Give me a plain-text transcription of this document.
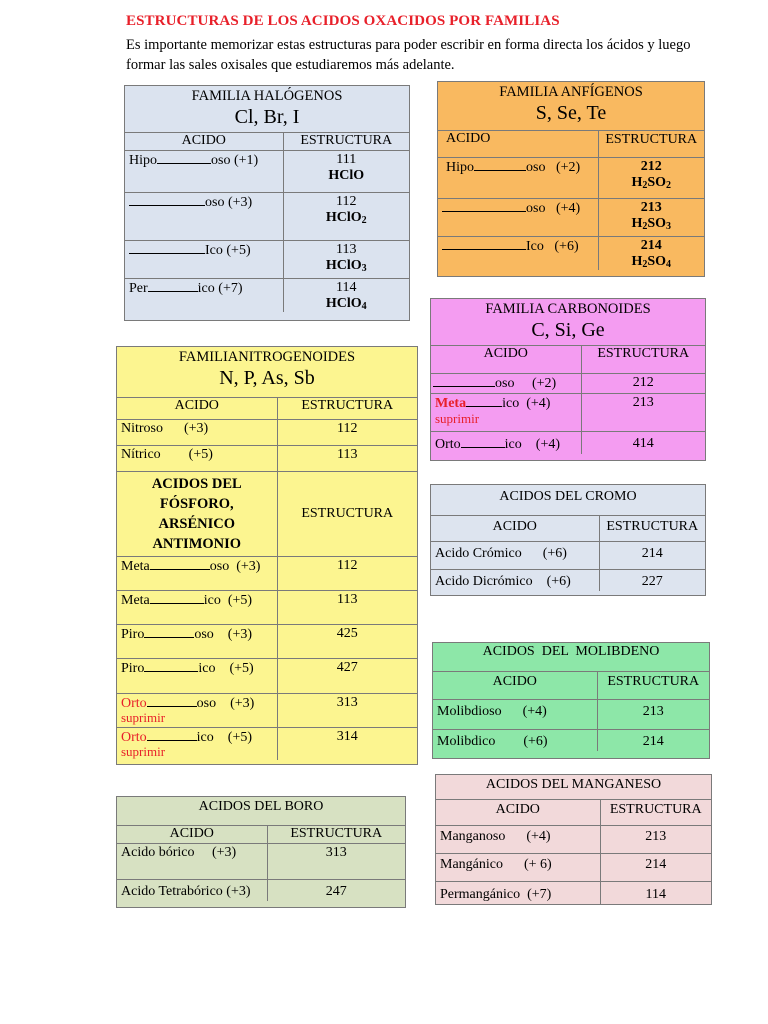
ESTRUCTURAS DE LOS ACIDOS OXACIDOS POR FAMILIAS
Es importante memorizar estas estructuras para poder escribir en forma directa los ácidos y luego formar las sales oxisales que estudiaremos más adelante.
FAMILIA HALÓGENOS
Cl, Br, I	

ACIDO	ESTRUCTURA
Hipo oso (+1)	111
HClO

oso (+3)	112
HClO$_2$

Ico (+5)	113
HClO$_3$

Per ico (+7)	114
HClO$_4$
FAMILIA ANFÍGENOS
S, Se, Te	

ACIDO	ESTRUCTURA
Hipo oso (+2)	212
$H_2SO_2$

oso (+4)	213
$H_2SO_3$

Ico (+6)	214
$H_2SO_4$
FAMILIA CARBONOIDES
C, Si, Ge	

ACIDO	ESTRUCTURA
oso (+2)	212
Meta ico (+4)
suprimir	213
Orto ico (+4)	414
FAMILIANITROGENOIDES
N, P, As, Sb	

ACIDO	ESTRUCTURA
Nitroso (+3)	112
Nítrico (+5)	113
ACIDOS DEL FÓSFORO, ARSÉNICO ANTIMONIO	ESTRUCTURA
Meta oso (+3)	112
Meta ico (+5)	113
Piro oso (+3)	425
Piro ico (+5)	427
Orto oso (+3)
suprimir	313
Orto ico (+5)
suprimir	314
ACIDOS DEL CROMO	
ACIDO	ESTRUCTURA
Acido Crómico (+6)	214
Acido Dicrómico (+6)	227
ACIDOS  DEL  MOLIBDENO	
ACIDO	ESTRUCTURA
Molibdioso (+4)	213
Molibdico (+6)	214
ACIDOS DEL MANGANESO	
ACIDO	ESTRUCTURA
Manganoso (+4)	213
Mangánico (+ 6)	214
Permangánico (+7)	114
ACIDOS DEL BORO	
ACIDO	ESTRUCTURA
Acido bórico (+3)	313
Acido Tetrabórico (+3)	247
